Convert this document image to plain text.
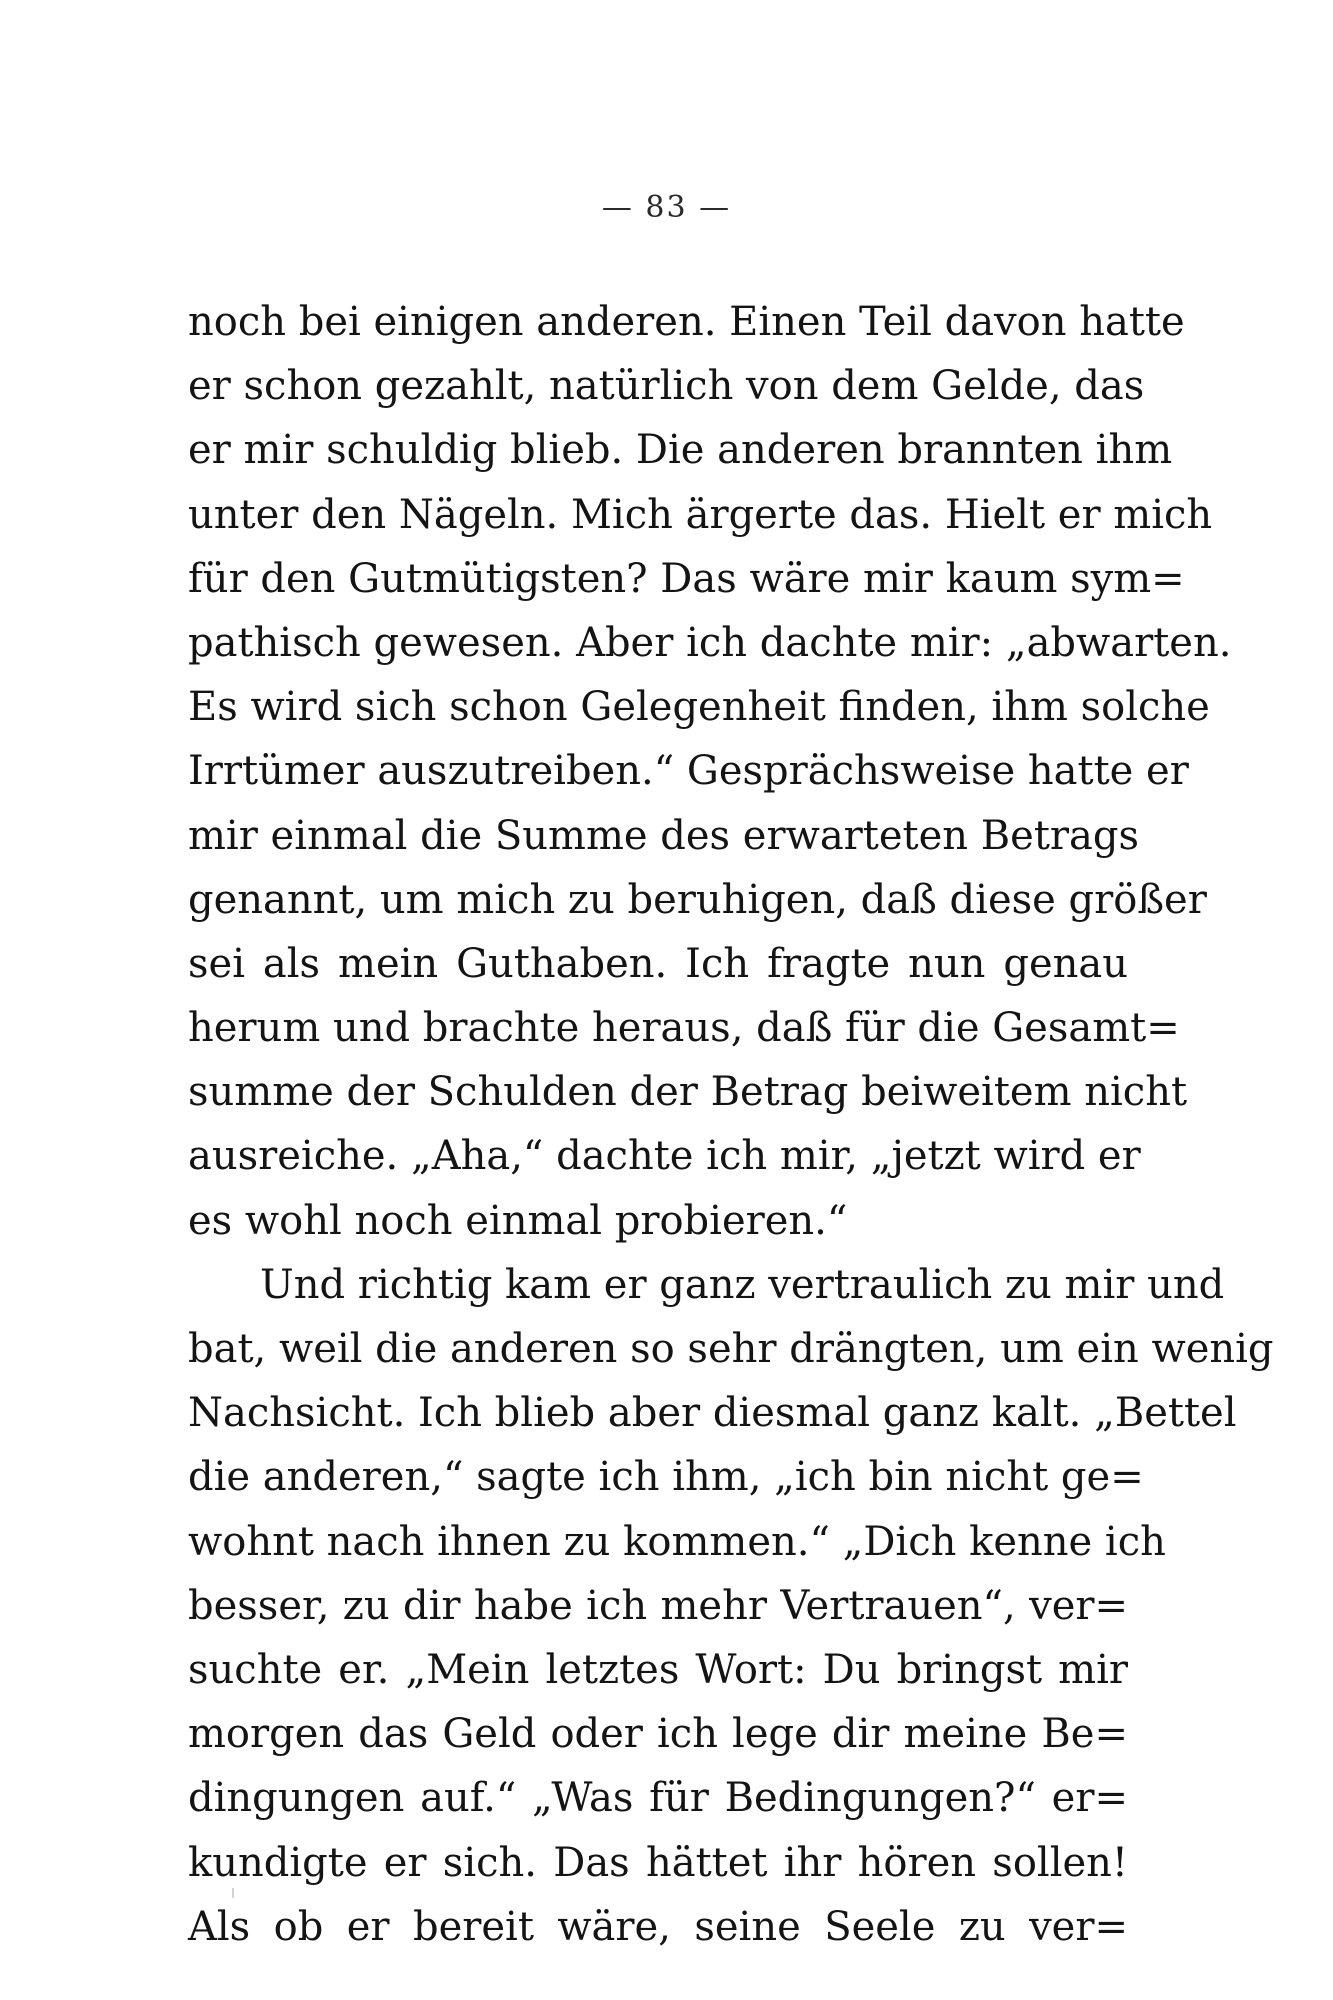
— 83 —
noch bei einigen anderen. Einen Teil davon hatte
er schon gezahlt, natürlich von dem Gelde, das
er mir schuldig blieb. Die anderen brannten ihm
unter den Nägeln. Mich ärgerte das. Hielt er mich
für den Gutmütigsten? Das wäre mir kaum sym=
pathisch gewesen. Aber ich dachte mir: „abwarten.
Es wird sich schon Gelegenheit finden, ihm solche
Irrtümer auszutreiben.“ Gesprächsweise hatte er
mir einmal die Summe des erwarteten Betrags
genannt, um mich zu beruhigen, daß diese größer
sei als mein Guthaben. Ich fragte nun genau
herum und brachte heraus, daß für die Gesamt=
summe der Schulden der Betrag beiweitem nicht
ausreiche. „Aha,“ dachte ich mir, „jetzt wird er
es wohl noch einmal probieren.“
Und richtig kam er ganz vertraulich zu mir und
bat, weil die anderen so sehr drängten, um ein wenig
Nachsicht. Ich blieb aber diesmal ganz kalt. „Bettel
die anderen,“ sagte ich ihm, „ich bin nicht ge=
wohnt nach ihnen zu kommen.“ „Dich kenne ich
besser, zu dir habe ich mehr Vertrauen“, ver=
suchte er. „Mein letztes Wort: Du bringst mir
morgen das Geld oder ich lege dir meine Be=
dingungen auf.“ „Was für Bedingungen?“ er=
kundigte er sich. Das hättet ihr hören sollen!
Als ob er bereit wäre, seine Seele zu ver=
